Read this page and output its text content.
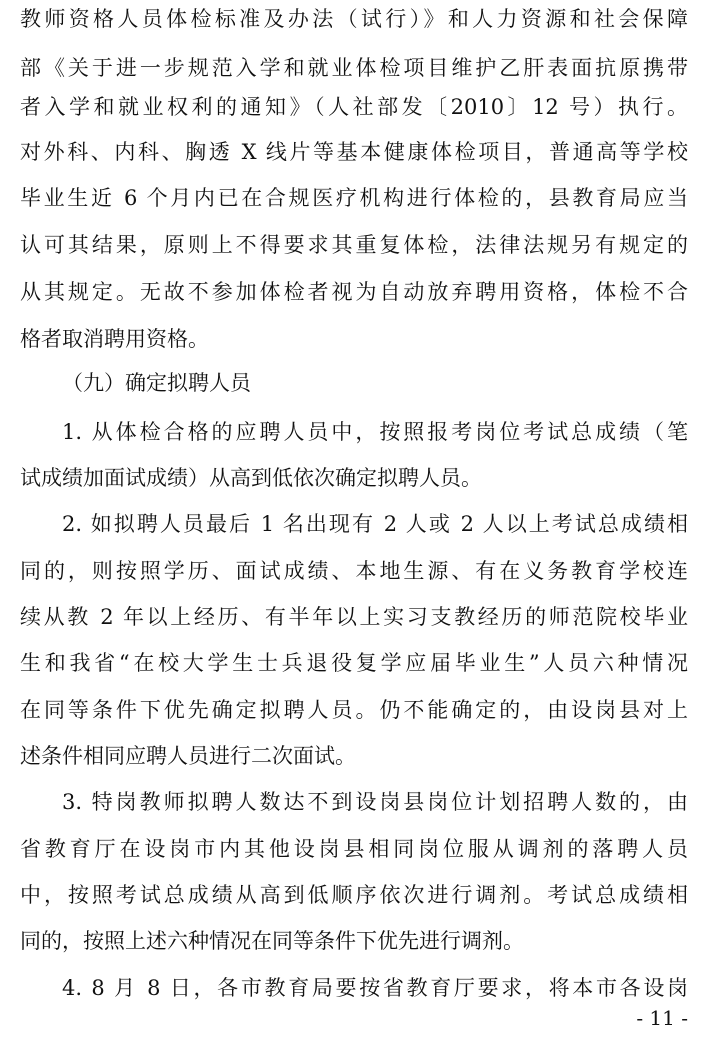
教师资格人员体检标准及办法（试行）》和人力资源和社会保障
部《关于进一步规范入学和就业体检项目维护乙肝表面抗原携带
者入学和就业权利的通知》（人社部发〔2010〕12 号）执行。
对外科、内科、胸透 X 线片等基本健康体检项目，普通高等学校
毕业生近 6 个月内已在合规医疗机构进行体检的，县教育局应当
认可其结果，原则上不得要求其重复体检，法律法规另有规定的
从其规定。无故不参加体检者视为自动放弃聘用资格，体检不合
格者取消聘用资格。
（九）确定拟聘人员
1. 从体检合格的应聘人员中，按照报考岗位考试总成绩（笔
试成绩加面试成绩）从高到低依次确定拟聘人员。
2. 如拟聘人员最后 1 名出现有 2 人或 2 人以上考试总成绩相
同的，则按照学历、面试成绩、本地生源、有在义务教育学校连
续从教 2 年以上经历、有半年以上实习支教经历的师范院校毕业
生和我省“在校大学生士兵退役复学应届毕业生”人员六种情况
在同等条件下优先确定拟聘人员。仍不能确定的，由设岗县对上
述条件相同应聘人员进行二次面试。
3. 特岗教师拟聘人数达不到设岗县岗位计划招聘人数的，由
省教育厅在设岗市内其他设岗县相同岗位服从调剂的落聘人员
中，按照考试总成绩从高到低顺序依次进行调剂。考试总成绩相
同的，按照上述六种情况在同等条件下优先进行调剂。
4. 8 月 8 日，各市教育局要按省教育厅要求，将本市各设岗
- 11 -
